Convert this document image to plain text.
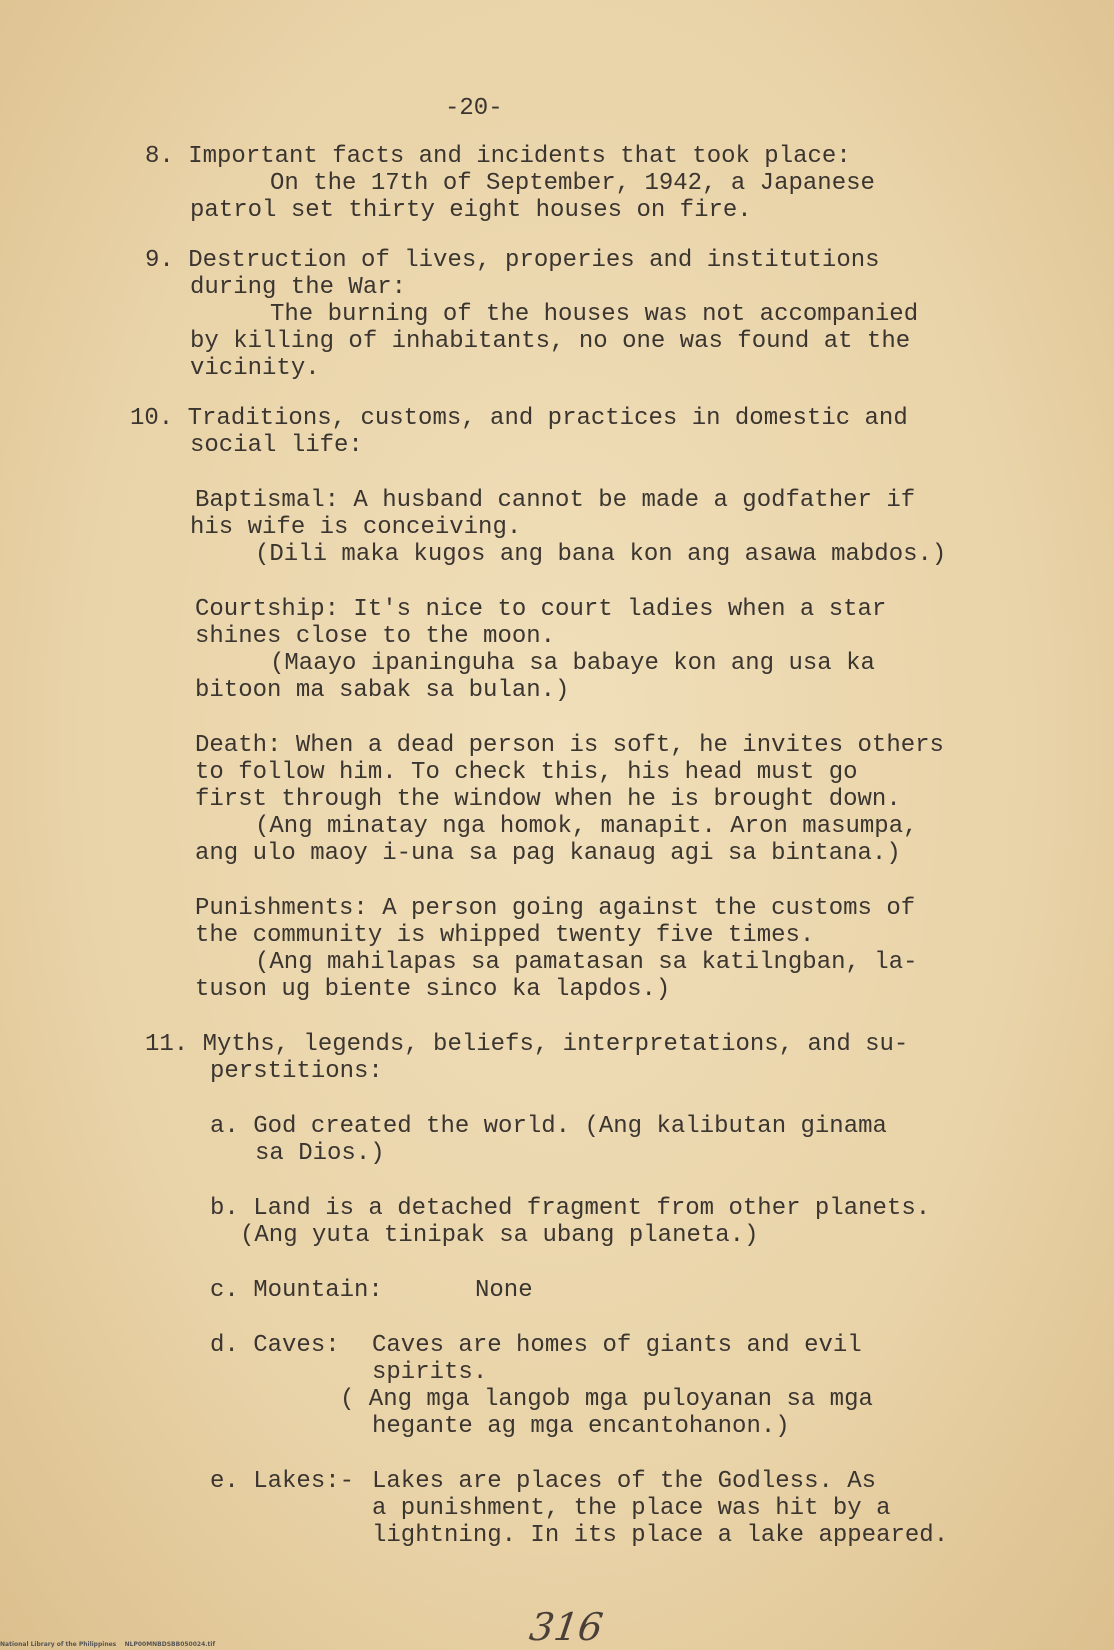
-20-
8. Important facts and incidents that took place:
On the 17th of September, 1942, a Japanese
patrol set thirty eight houses on fire.
9. Destruction of lives, properies and institutions
during the War:
The burning of the houses was not accompanied
by killing of inhabitants, no one was found at the
vicinity.
10. Traditions, customs, and practices in domestic and
social life:
Baptismal: A husband cannot be made a godfather if
his wife is conceiving.
(Dili maka kugos ang bana kon ang asawa mabdos.)
Courtship: It's nice to court ladies when a star
shines close to the moon.
(Maayo ipaninguha sa babaye kon ang usa ka
bitoon ma sabak sa bulan.)
Death: When a dead person is soft, he invites others
to follow him. To check this, his head must go
first through the window when he is brought down.
(Ang minatay nga homok, manapit. Aron masumpa,
ang ulo maoy i-una sa pag kanaug agi sa bintana.)
Punishments: A person going against the customs of
the community is whipped twenty five times.
(Ang mahilapas sa pamatasan sa katilngban, la-
tuson ug biente sinco ka lapdos.)
11. Myths, legends, beliefs, interpretations, and su-
perstitions:
a. God created the world. (Ang kalibutan ginama
sa Dios.)
b. Land is a detached fragment from other planets.
(Ang yuta tinipak sa ubang planeta.)
c. Mountain:	None
d. Caves: Caves are homes of giants and evil
spirits.
( Ang mga langob mga puloyanan sa mga
hegante ag mga encantohanon.)
e. Lakes:- Lakes are places of the Godless. As
a punishment, the place was hit by a
lightning. In its place a lake appeared.
316
National Library of the Philippines    NLP00MNBDSBB050024.tif
